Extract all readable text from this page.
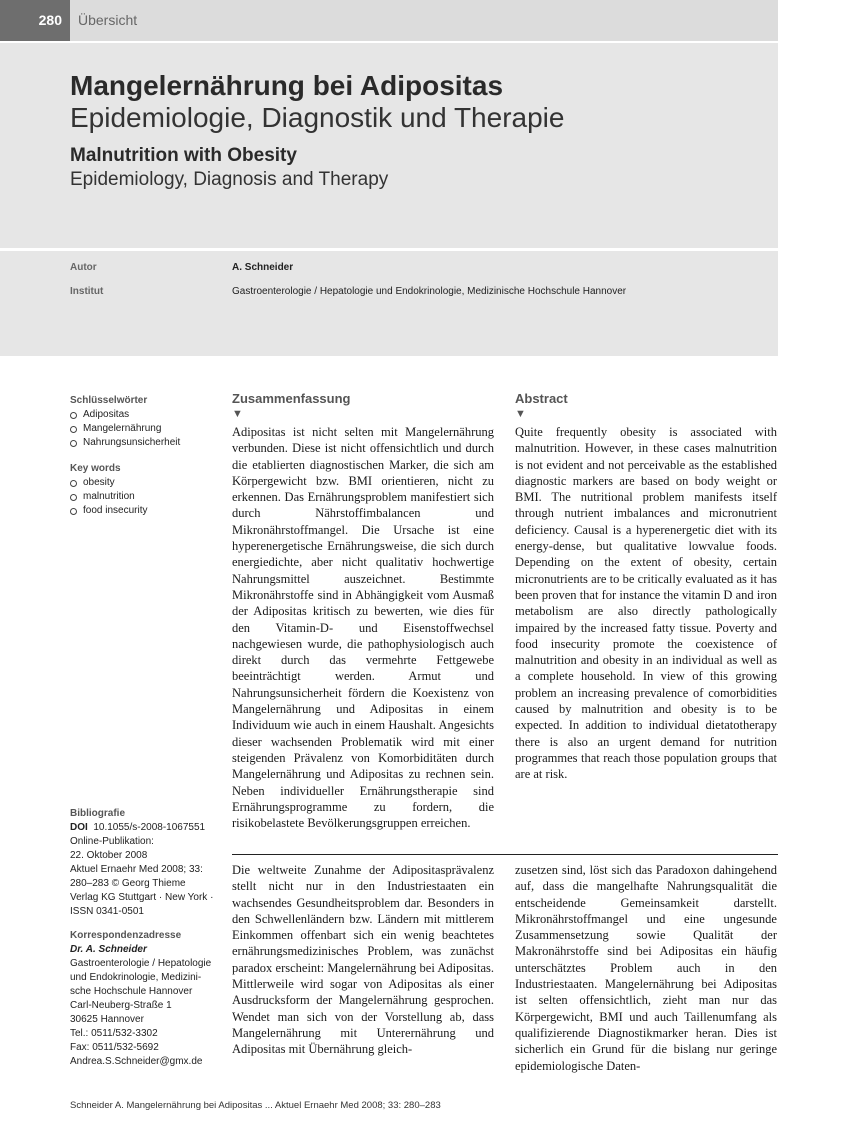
280	Übersicht
Mangelernährung bei Adipositas
Epidemiologie, Diagnostik und Therapie
Malnutrition with Obesity
Epidemiology, Diagnosis and Therapy
Autor	A. Schneider
Institut	Gastroenterologie / Hepatologie und Endokrinologie, Medizinische Hochschule Hannover
Schlüsselwörter
Adipositas
Mangelernährung
Nahrungsunsicherheit
Key words
obesity
malnutrition
food insecurity
Bibliografie
DOI 10.1055/s-2008-1067551
Online-Publikation:
22. Oktober 2008
Aktuel Ernaehr Med 2008; 33:
280–283 © Georg Thieme
Verlag KG Stuttgart · New York ·
ISSN 0341-0501
Korrespondenzadresse
Dr. A. Schneider
Gastroenterologie / Hepatologie
und Endokrinologie, Medizini-
sche Hochschule Hannover
Carl-Neuberg-Straße 1
30625 Hannover
Tel.: 0511/532-3302
Fax: 0511/532-5692
Andrea.S.Schneider@gmx.de
Zusammenfassung
▼
Adipositas ist nicht selten mit Mangelernährung verbunden. Diese ist nicht offensichtlich und durch die etablierten diagnostischen Marker, die sich am Körpergewicht bzw. BMI orientieren, nicht zu erkennen. Das Ernährungsproblem manifestiert sich durch Nährstoffimbalancen und Mikronährstoffmangel. Die Ursache ist eine hyperenergetische Ernährungsweise, die sich durch energiedichte, aber nicht qualitativ hochwertige Nahrungsmittel auszeichnet. Bestimmte Mikronährstoffe sind in Abhängigkeit vom Ausmaß der Adipositas kritisch zu bewerten, wie dies für den Vitamin-D- und Eisenstoffwechsel nachgewiesen wurde, die pathophysiologisch auch direkt durch das vermehrte Fettgewebe beeinträchtigt werden. Armut und Nahrungsunsicherheit fördern die Koexistenz von Mangelernährung und Adipositas in einem Individuum wie auch in einem Haushalt. Angesichts dieser wachsenden Problematik wird mit einer steigenden Prävalenz von Komorbiditäten durch Mangelernährung und Adipositas zu rechnen sein. Neben individueller Ernährungstherapie sind Ernährungsprogramme zu fordern, die risikobelastete Bevölkerungsgruppen erreichen.
Abstract
▼
Quite frequently obesity is associated with malnutrition. However, in these cases malnutrition is not evident and not perceivable as the established diagnostic markers are based on body weight or BMI. The nutritional problem manifests itself through nutrient imbalances and micronutrient deficiency. Causal is a hyperenergetic diet with its energy-dense, but qualitative lowvalue foods. Depending on the extent of obesity, certain micronutrients are to be critically evaluated as it has been proven that for instance the vitamin D and iron metabolism are also directly pathologically impaired by the increased fatty tissue. Poverty and food insecurity promote the coexistence of malnutrition and obesity in an individual as well as a complete household. In view of this growing problem an increasing prevalence of comorbidities caused by malnutrition and obesity is to be expected. In addition to individual dietatotherapy there is also an urgent demand for nutrition programmes that reach those population groups that are at risk.
Die weltweite Zunahme der Adipositasprävalenz stellt nicht nur in den Industriestaaten ein wachsendes Gesundheitsproblem dar. Besonders in den Schwellenländern bzw. Ländern mit mittlerem Einkommen offenbart sich ein wenig beachtetes ernährungsmedizinisches Problem, was zunächst paradox erscheint: Mangelernährung bei Adipositas. Mittlerweile wird sogar von Adipositas als einer Ausdrucksform der Mangelernährung gesprochen. Wendet man sich von der Vorstellung ab, dass Mangelernährung mit Unterernährung und Adipositas mit Übernährung gleich-
zusetzen sind, löst sich das Paradoxon dahingehend auf, dass die mangelhafte Nahrungsqualität die entscheidende Gemeinsamkeit darstellt. Mikronährstoffmangel und eine ungesunde Zusammensetzung sowie Qualität der Makronährstoffe sind bei Adipositas ein häufig unterschätztes Problem auch in den Industriestaaten. Mangelernährung bei Adipositas ist selten offensichtlich, zieht man nur das Körpergewicht, BMI und auch Taillenumfang als qualifizierende Diagnostikmarker heran. Dies ist sicherlich ein Grund für die bislang nur geringe epidemiologische Daten-
Schneider A. Mangelernährung bei Adipositas ... Aktuel Ernaehr Med 2008; 33: 280–283
